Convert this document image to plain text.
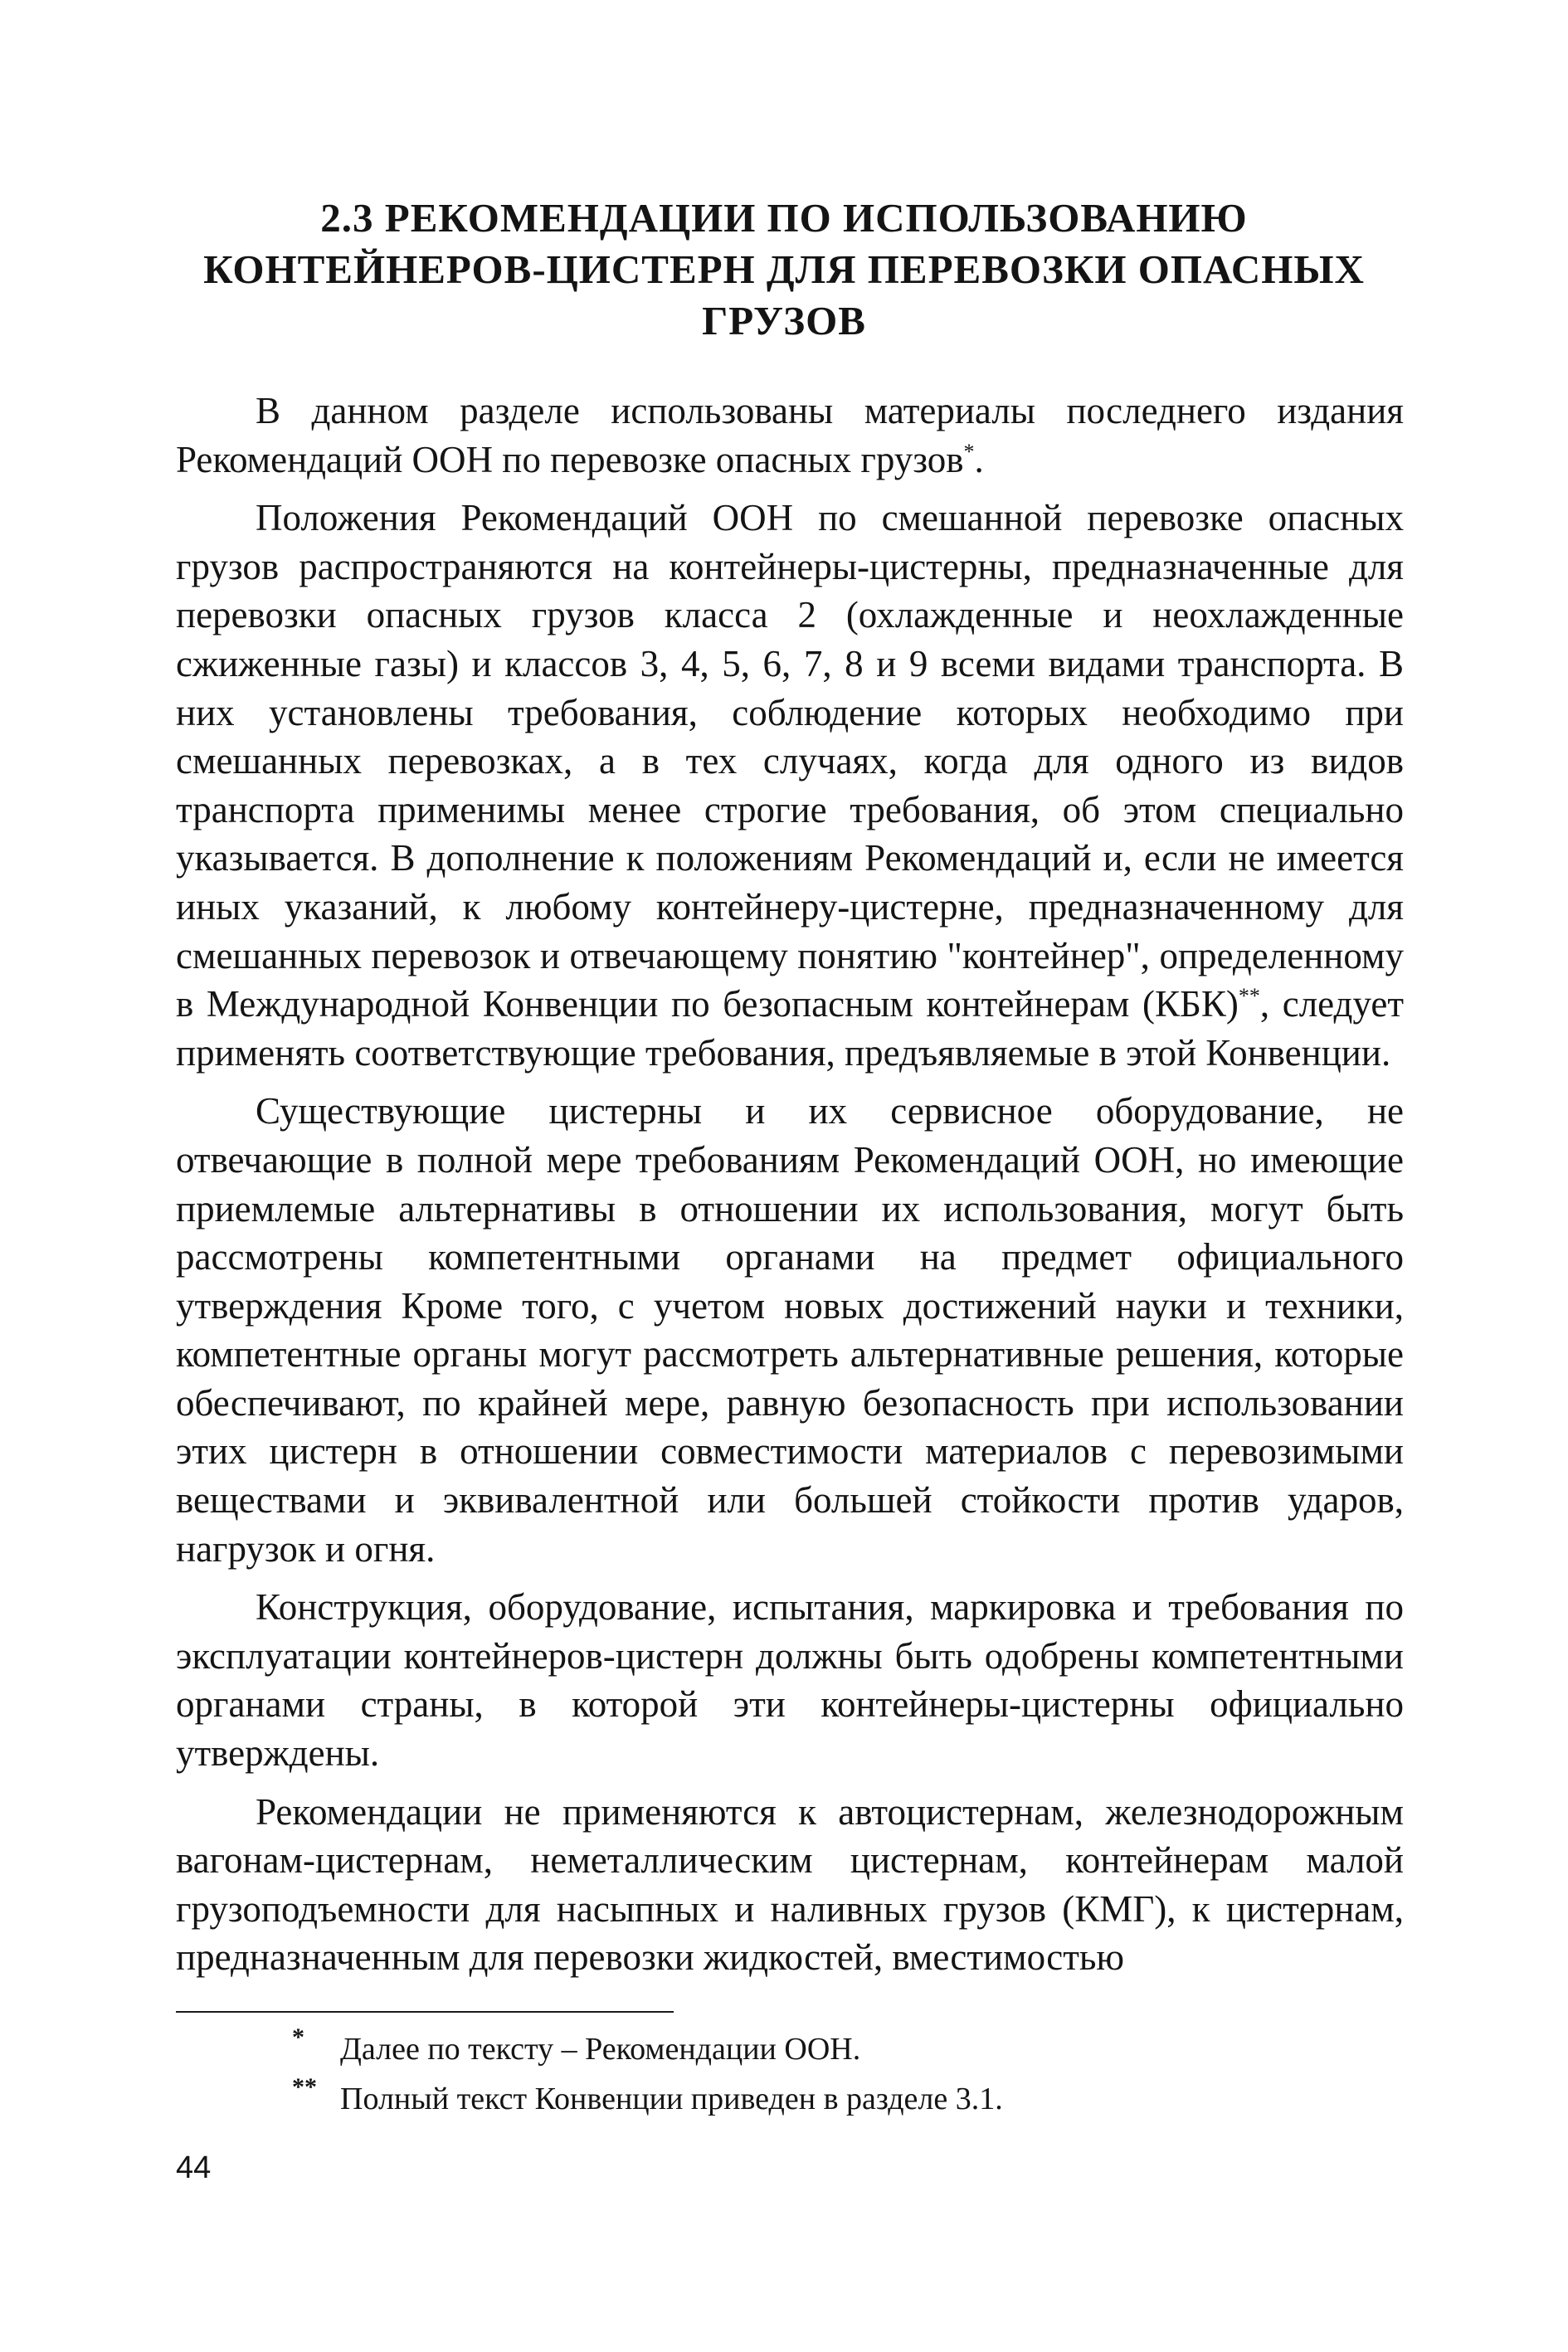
2.3 РЕКОМЕНДАЦИИ ПО ИСПОЛЬЗОВАНИЮ
КОНТЕЙНЕРОВ-ЦИСТЕРН ДЛЯ ПЕРЕВОЗКИ ОПАСНЫХ
ГРУЗОВ

В данном разделе использованы материалы последнего издания Рекомендаций ООН по перевозке опасных грузов*.

Положения Рекомендаций ООН по смешанной перевозке опасных грузов распространяются на контейнеры-цистерны, предназначенные для перевозки опасных грузов класса 2 (охлажденные и неохлажденные сжиженные газы) и классов 3, 4, 5, 6, 7, 8 и 9 всеми видами транспорта. В них установлены требования, соблюдение которых необходимо при смешанных перевозках, а в тех случаях, когда для одного из видов транспорта применимы менее строгие требования, об этом специально указывается. В дополнение к положениям Рекомендаций и, если не имеется иных указаний, к любому контейнеру-цистерне, предназначенному для смешанных перевозок и отвечающему понятию "контейнер", определенному в Международной Конвенции по безопасным контейнерам (КБК)**, следует применять соответствующие требования, предъявляемые в этой Конвенции.

Существующие цистерны и их сервисное оборудование, не отвечающие в полной мере требованиям Рекомендаций ООН, но имеющие приемлемые альтернативы в отношении их использования, могут быть рассмотрены компетентными органами на предмет официального утверждения Кроме того, с учетом новых достижений науки и техники, компетентные органы могут рассмотреть альтернативные решения, которые обеспечивают, по крайней мере, равную безопасность при использовании этих цистерн в отношении совместимости материалов с перевозимыми веществами и эквивалентной или большей стойкости против ударов, нагрузок и огня.

Конструкция, оборудование, испытания, маркировка и требования по эксплуатации контейнеров-цистерн должны быть одобрены компетентными органами страны, в которой эти контейнеры-цистерны официально утверждены.

Рекомендации не применяются к автоцистернам, железнодорожным вагонам-цистернам, неметаллическим цистернам, контейнерам малой грузоподъемности для насыпных и наливных грузов (КМГ), к цистернам, предназначенным для перевозки жидкостей, вместимостью

* Далее по тексту – Рекомендации ООН.
** Полный текст Конвенции приведен в разделе 3.1.
44
